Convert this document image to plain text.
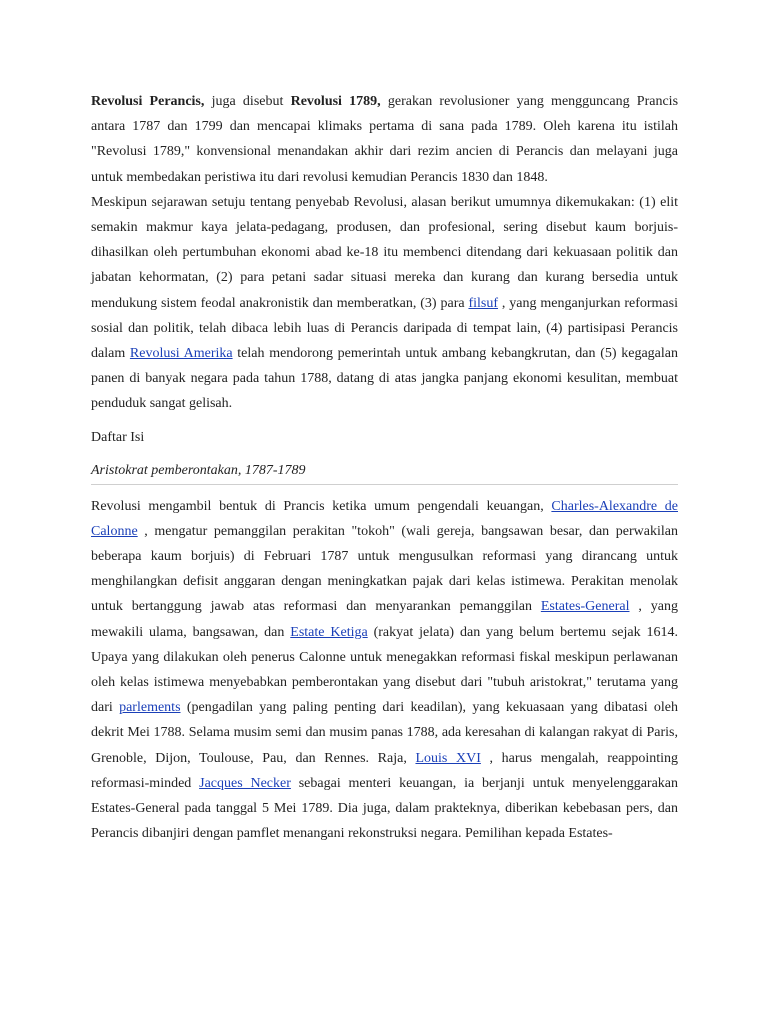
Revolusi Perancis, juga disebut Revolusi 1789, gerakan revolusioner yang mengguncang Prancis antara 1787 dan 1799 dan mencapai klimaks pertama di sana pada 1789. Oleh karena itu istilah "Revolusi 1789," konvensional menandakan akhir dari rezim ancien di Perancis dan melayani juga untuk membedakan peristiwa itu dari revolusi kemudian Perancis 1830 dan 1848.

Meskipun sejarawan setuju tentang penyebab Revolusi, alasan berikut umumnya dikemukakan: (1) elit semakin makmur kaya jelata-pedagang, produsen, dan profesional, sering disebut kaum borjuis-dihasilkan oleh pertumbuhan ekonomi abad ke-18 itu membenci ditendang dari kekuasaan politik dan jabatan kehormatan, (2) para petani sadar situasi mereka dan kurang dan kurang bersedia untuk mendukung sistem feodal anakronistik dan memberatkan, (3) para filsuf , yang menganjurkan reformasi sosial dan politik, telah dibaca lebih luas di Perancis daripada di tempat lain, (4) partisipasi Perancis dalam Revolusi Amerika telah mendorong pemerintah untuk ambang kebangkrutan, dan (5) kegagalan panen di banyak negara pada tahun 1788, datang di atas jangka panjang ekonomi kesulitan, membuat penduduk sangat gelisah.

Daftar Isi
Aristokrat pemberontakan, 1787-1789

Revolusi mengambil bentuk di Prancis ketika umum pengendali keuangan, Charles-Alexandre de Calonne , mengatur pemanggilan perakitan "tokoh" (wali gereja, bangsawan besar, dan perwakilan beberapa kaum borjuis) di Februari 1787 untuk mengusulkan reformasi yang dirancang untuk menghilangkan defisit anggaran dengan meningkatkan pajak dari kelas istimewa. Perakitan menolak untuk bertanggung jawab atas reformasi dan menyarankan pemanggilan Estates-General , yang mewakili ulama, bangsawan, dan Estate Ketiga (rakyat jelata) dan yang belum bertemu sejak 1614. Upaya yang dilakukan oleh penerus Calonne untuk menegakkan reformasi fiskal meskipun perlawanan oleh kelas istimewa menyebabkan pemberontakan yang disebut dari "tubuh aristokrat," terutama yang dari parlements (pengadilan yang paling penting dari keadilan), yang kekuasaan yang dibatasi oleh dekrit Mei 1788. Selama musim semi dan musim panas 1788, ada keresahan di kalangan rakyat di Paris, Grenoble, Dijon, Toulouse, Pau, dan Rennes. Raja, Louis XVI , harus mengalah, reappointing reformasi-minded Jacques Necker sebagai menteri keuangan, ia berjanji untuk menyelenggarakan Estates-General pada tanggal 5 Mei 1789. Dia juga, dalam prakteknya, diberikan kebebasan pers, dan Perancis dibanjiri dengan pamflet menangani rekonstruksi negara. Pemilihan kepada Estates-
